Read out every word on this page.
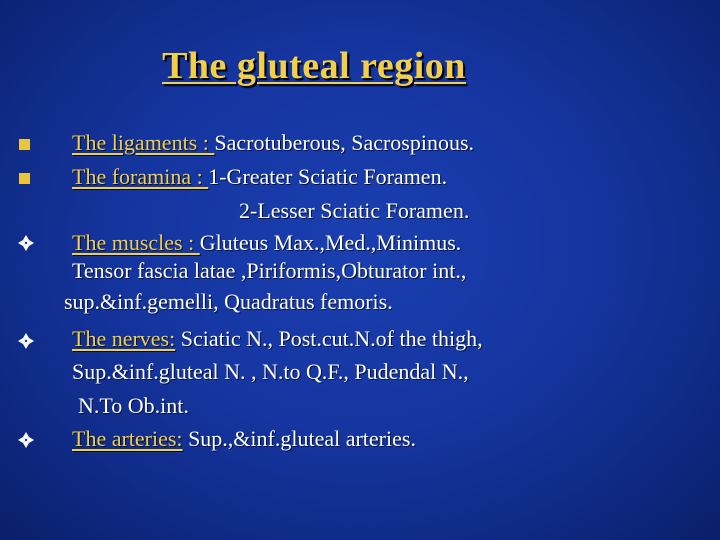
The gluteal region
The ligaments : Sacrotuberous, Sacrospinous.
The foramina : 1-Greater Sciatic Foramen.
2-Lesser Sciatic Foramen.
The muscles : Gluteus Max.,Med.,Minimus.
Tensor fascia latae ,Piriformis,Obturator int.,
sup.&inf.gemelli, Quadratus femoris.
The nerves: Sciatic N., Post.cut.N.of the thigh,
Sup.&inf.gluteal N. , N.to Q.F., Pudendal N.,
N.To Ob.int.
The arteries: Sup.,&inf.gluteal arteries.
